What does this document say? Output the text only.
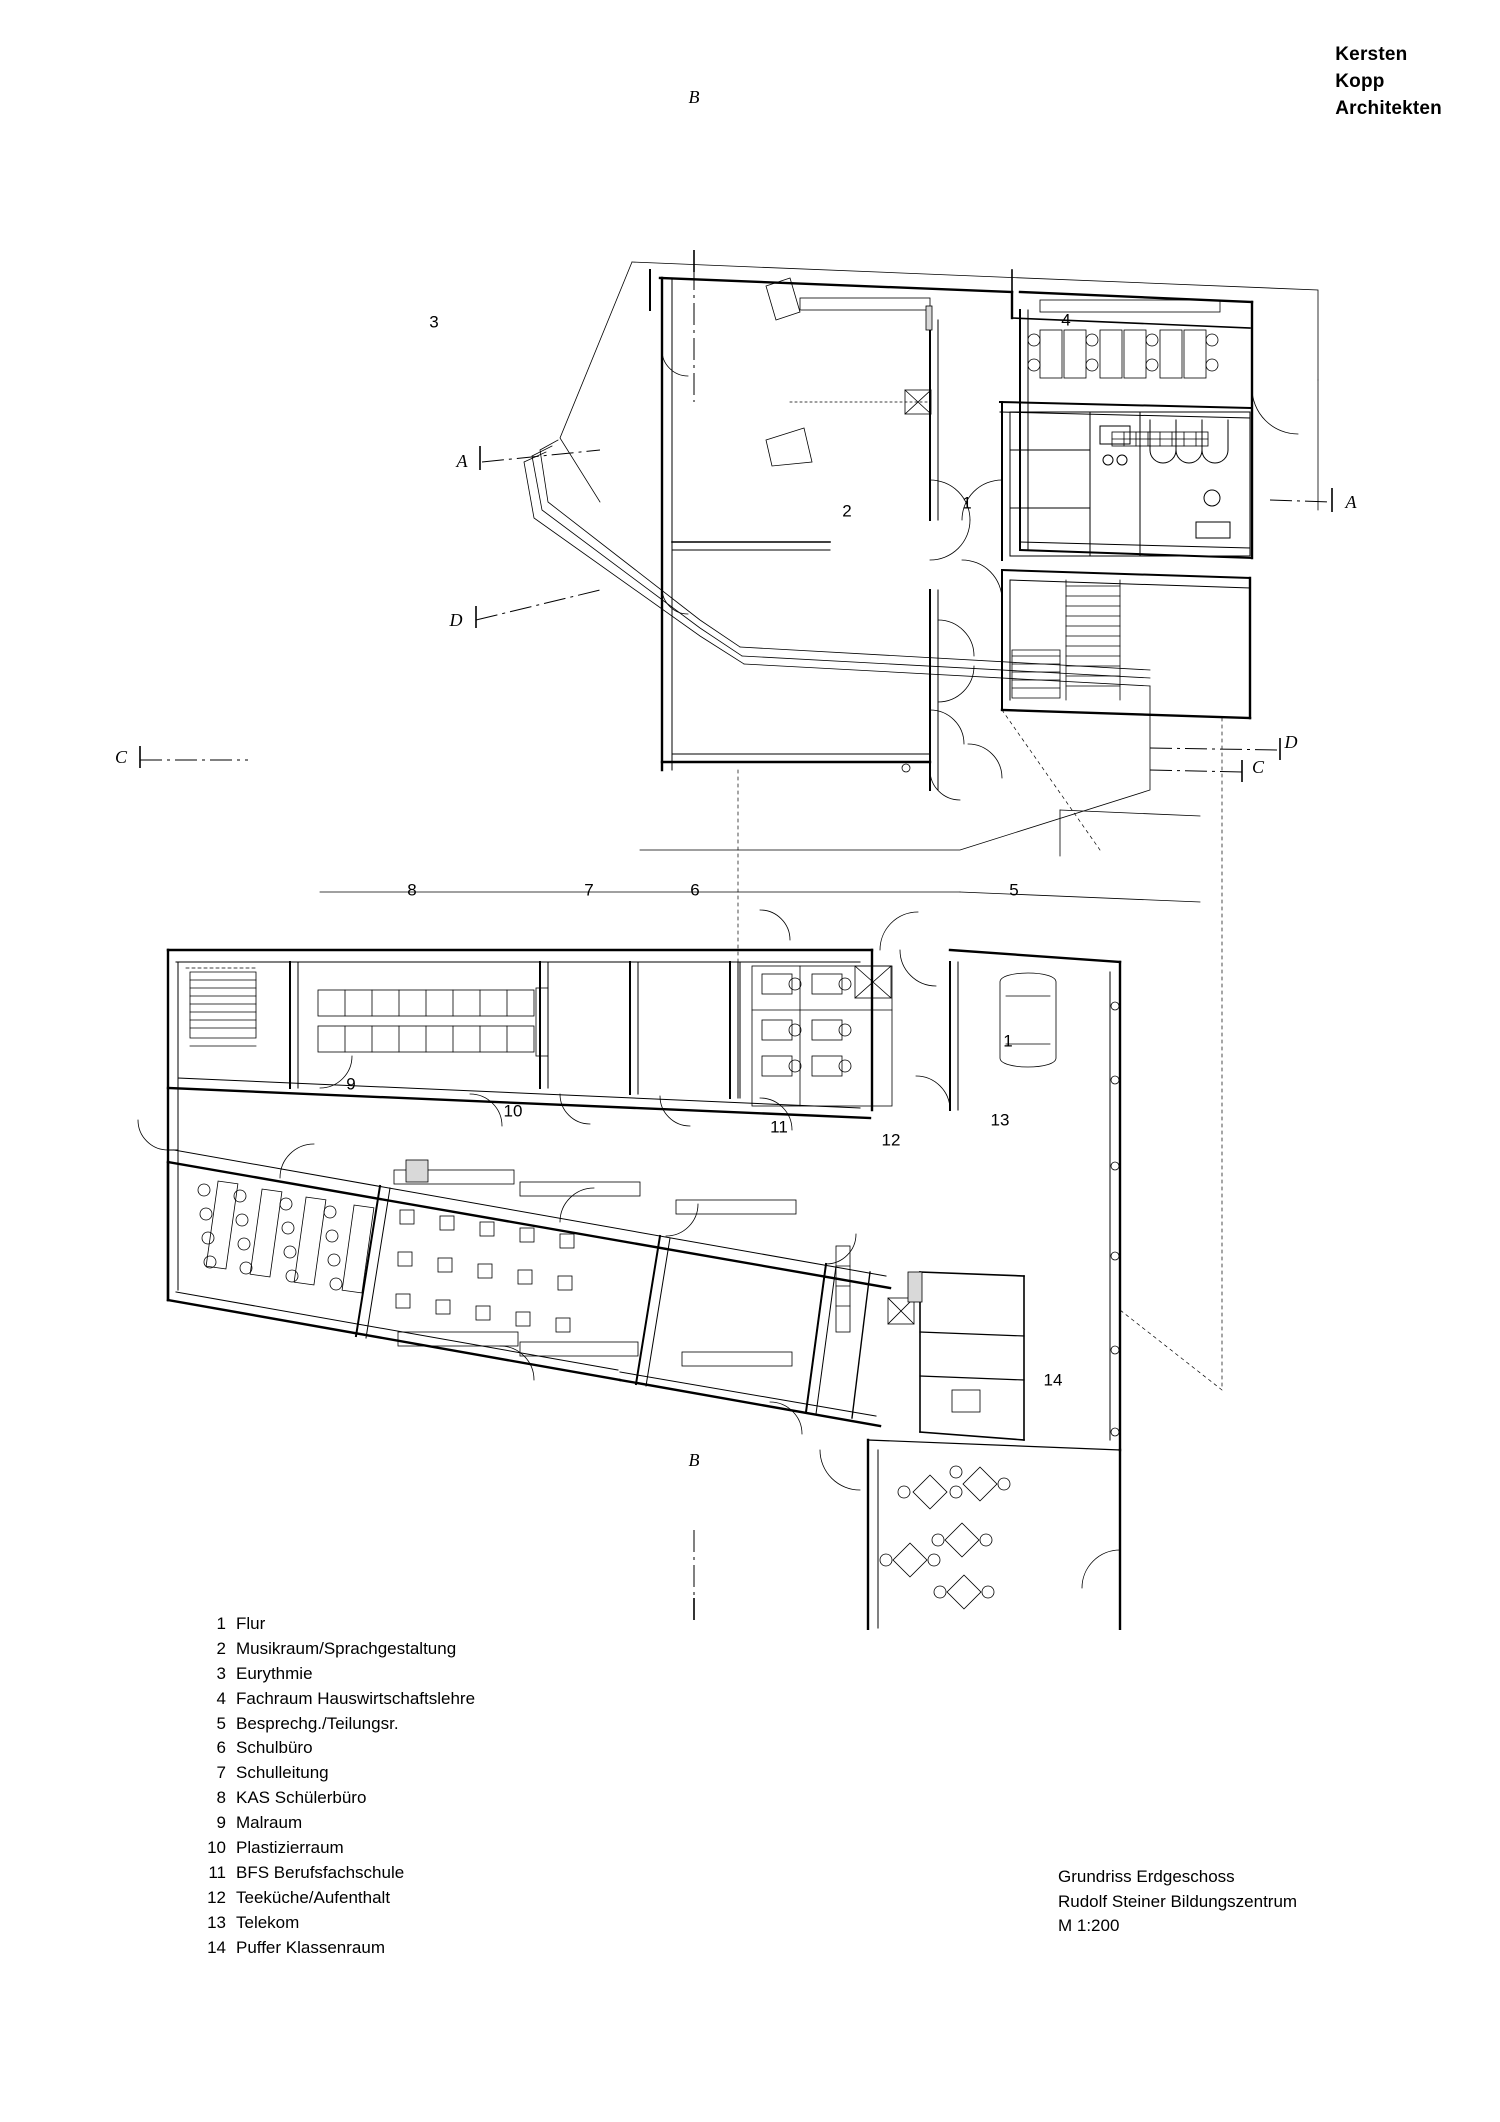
Kersten
Kopp
Architekten
3	4
2	1
8	7	6	5
1
9
10
11
12
13
14
B
A
A
D
D
C	C
B
1	Flur
2	Musikraum/Sprachgestaltung
3	Eurythmie
4	Fachraum Hauswirtschaftslehre
5	Besprechg./Teilungsr.
6	Schulbüro
7	Schulleitung
8	KAS Schülerbüro
9	Malraum
10	Plastizierraum
11	BFS Berufsfachschule
12	Teeküche/Aufenthalt
13	Telekom
14	Puffer Klassenraum
Grundriss Erdgeschoss
Rudolf Steiner Bildungszentrum
M 1:200
